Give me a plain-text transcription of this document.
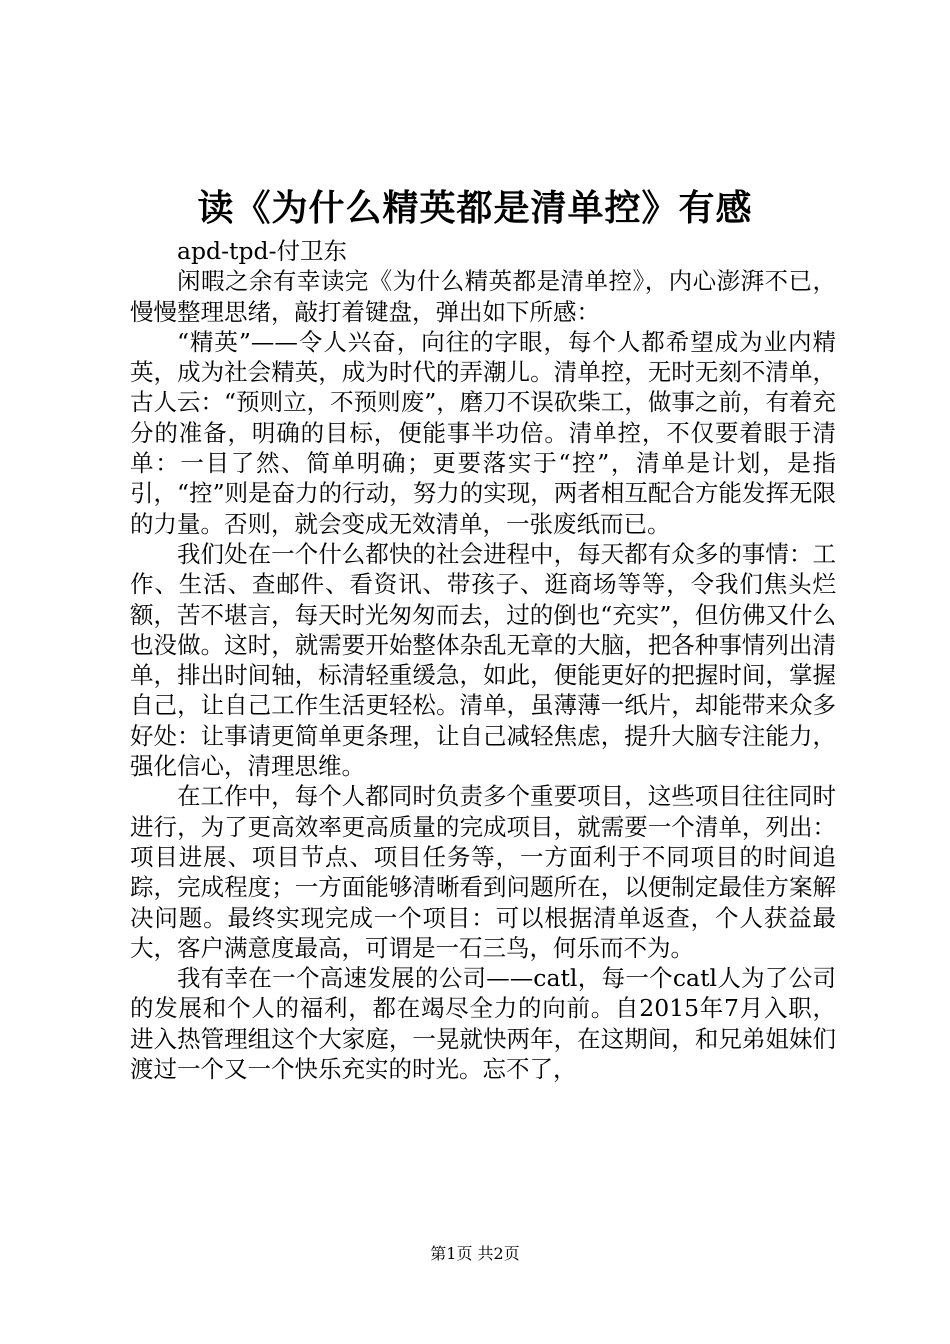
读《为什么精英都是清单控》有感

apd-tpd-付卫东

闲暇之余有幸读完《为什么精英都是清单控》，内心澎湃不已，慢慢整理思绪，敲打着键盘，弹出如下所感：

“精英”——令人兴奋，向往的字眼，每个人都希望成为业内精英，成为社会精英，成为时代的弄潮儿。清单控，无时无刻不清单，古人云：“预则立，不预则废”，磨刀不误砍柴工，做事之前，有着充分的准备，明确的目标，便能事半功倍。清单控，不仅要着眼于清单：一目了然、简单明确；更要落实于“控”，清单是计划，是指引，“控”则是奋力的行动，努力的实现，两者相互配合方能发挥无限的力量。否则，就会变成无效清单，一张废纸而已。

我们处在一个什么都快的社会进程中，每天都有众多的事情：工作、生活、查邮件、看资讯、带孩子、逛商场等等，令我们焦头烂额，苦不堪言，每天时光匆匆而去，过的倒也“充实”，但仿佛又什么也没做。这时，就需要开始整体杂乱无章的大脑，把各种事情列出清单，排出时间轴，标清轻重缓急，如此，便能更好的把握时间，掌握自己，让自己工作生活更轻松。清单，虽薄薄一纸片，却能带来众多好处：让事请更简单更条理，让自己减轻焦虑，提升大脑专注能力，强化信心，清理思维。

在工作中，每个人都同时负责多个重要项目，这些项目往往同时进行，为了更高效率更高质量的完成项目，就需要一个清单，列出：项目进展、项目节点、项目任务等，一方面利于不同项目的时间追踪，完成程度；一方面能够清晰看到问题所在，以便制定最佳方案解决问题。最终实现完成一个项目：可以根据清单返查，个人获益最大，客户满意度最高，可谓是一石三鸟，何乐而不为。

我有幸在一个高速发展的公司——catl，每一个catl人为了公司的发展和个人的福利，都在竭尽全力的向前。自2015年7月入职，进入热管理组这个大家庭，一晃就快两年，在这期间，和兄弟姐妹们渡过一个又一个快乐充实的时光。忘不了，

第1页 共2页
